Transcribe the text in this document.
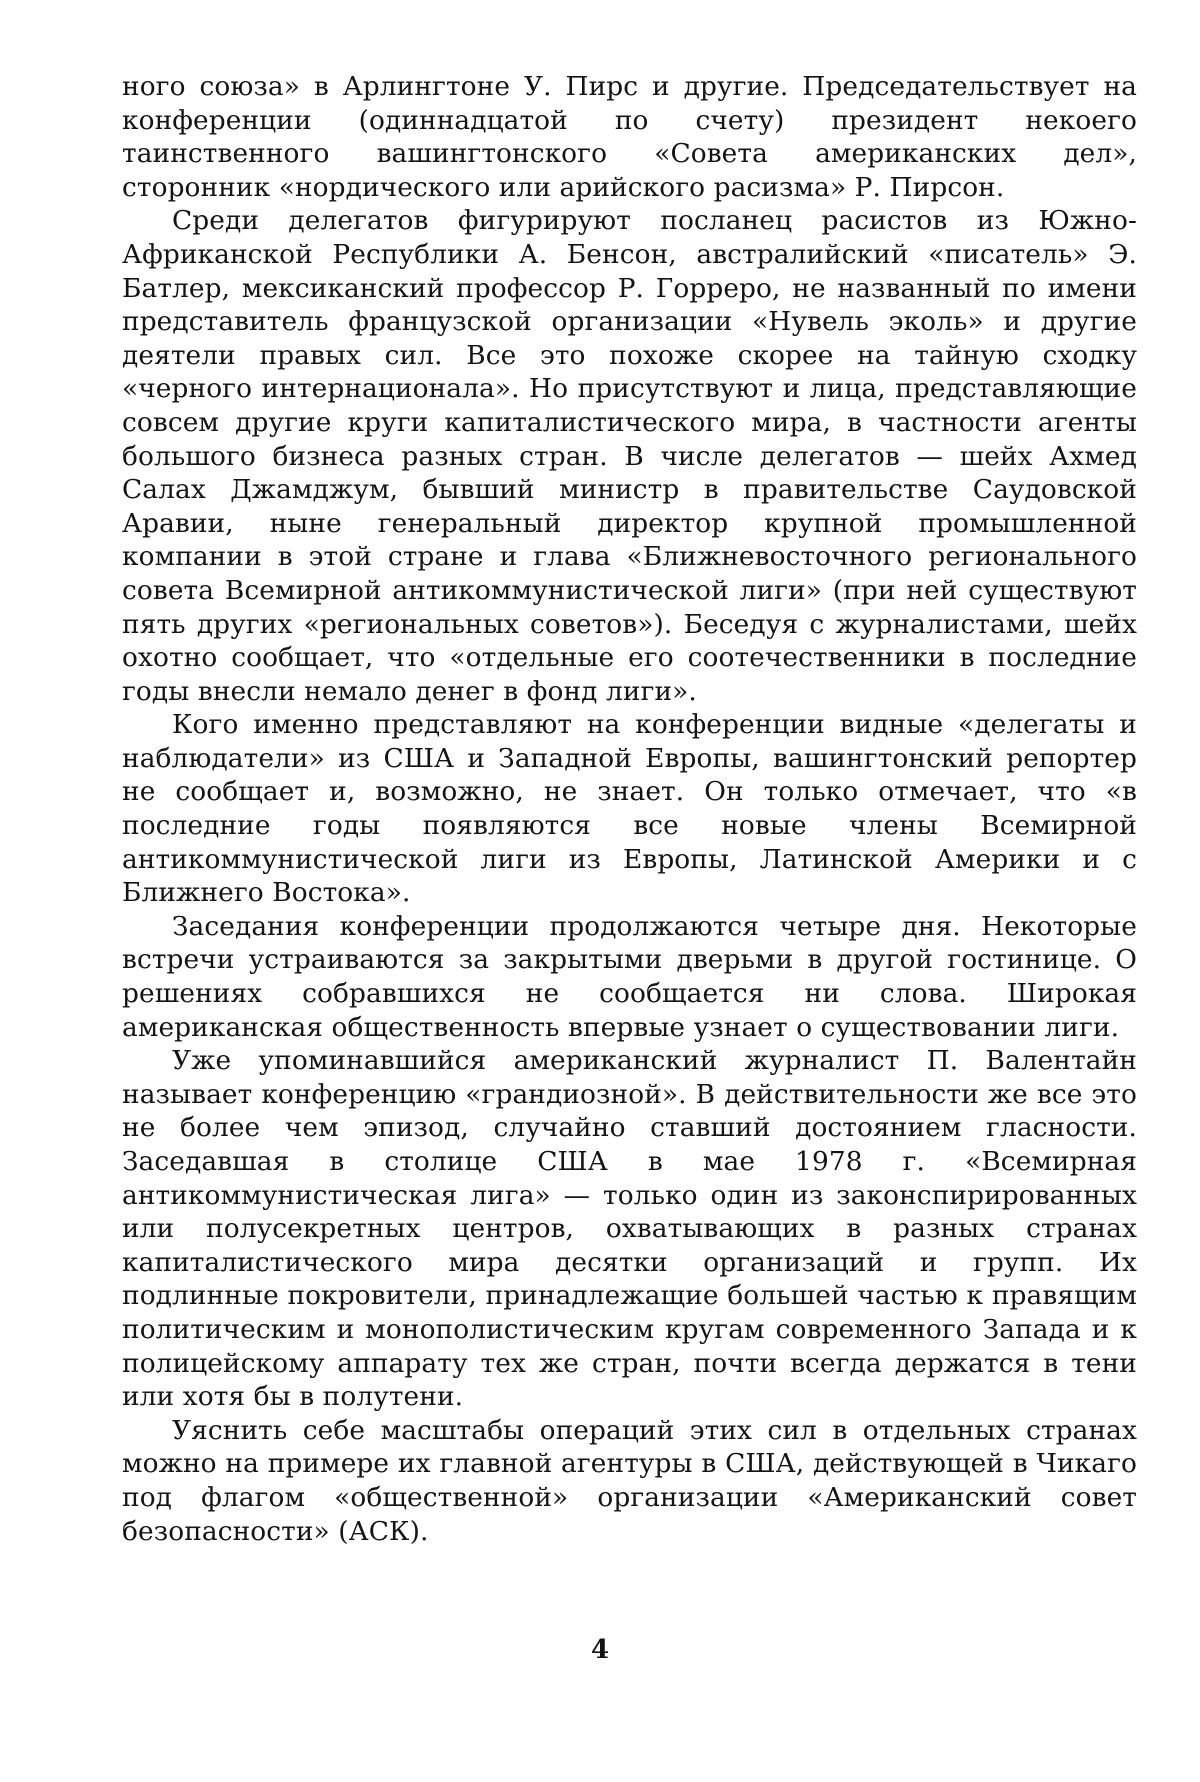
ного союза» в Арлингтоне У. Пирс и другие. Председательствует на конференции (одиннадцатой по счету) президент некоего таинственного вашингтонского «Совета американских дел», сторонник «нордического или арийского расизма» Р. Пирсон.

Среди делегатов фигурируют посланец расистов из Южно-Африканской Республики А. Бенсон, австралийский «писатель» Э. Батлер, мексиканский профессор Р. Горреро, не названный по имени представитель французской организации «Нувель эколь» и другие деятели правых сил. Все это похоже скорее на тайную сходку «черного интернационала». Но присутствуют и лица, представляющие совсем другие круги капиталистического мира, в частности агенты большого бизнеса разных стран. В числе делегатов — шейх Ахмед Салах Джамджум, бывший министр в правительстве Саудовской Аравии, ныне генеральный директор крупной промышленной компании в этой стране и глава «Ближневосточного регионального совета Всемирной антикоммунистической лиги» (при ней существуют пять других «региональных советов»). Беседуя с журналистами, шейх охотно сообщает, что «отдельные его соотечественники в последние годы внесли немало денег в фонд лиги».

Кого именно представляют на конференции видные «делегаты и наблюдатели» из США и Западной Европы, вашингтонский репортер не сообщает и, возможно, не знает. Он только отмечает, что «в последние годы появляются все новые члены Всемирной антикоммунистической лиги из Европы, Латинской Америки и с Ближнего Востока».

Заседания конференции продолжаются четыре дня. Некоторые встречи устраиваются за закрытыми дверьми в другой гостинице. О решениях собравшихся не сообщается ни слова. Широкая американская общественность впервые узнает о существовании лиги.

Уже упоминавшийся американский журналист П. Валентайн называет конференцию «грандиозной». В действительности же все это не более чем эпизод, случайно ставший достоянием гласности. Заседавшая в столице США в мае 1978 г. «Всемирная антикоммунистическая лига» — только один из законспирированных или полусекретных центров, охватывающих в разных странах капиталистического мира десятки организаций и групп. Их подлинные покровители, принадлежащие большей частью к правящим политическим и монополистическим кругам современного Запада и к полицейскому аппарату тех же стран, почти всегда держатся в тени или хотя бы в полутени.

Уяснить себе масштабы операций этих сил в отдельных странах можно на примере их главной агентуры в США, действующей в Чикаго под флагом «общественной» организации «Американский совет безопасности» (АСК).

4
